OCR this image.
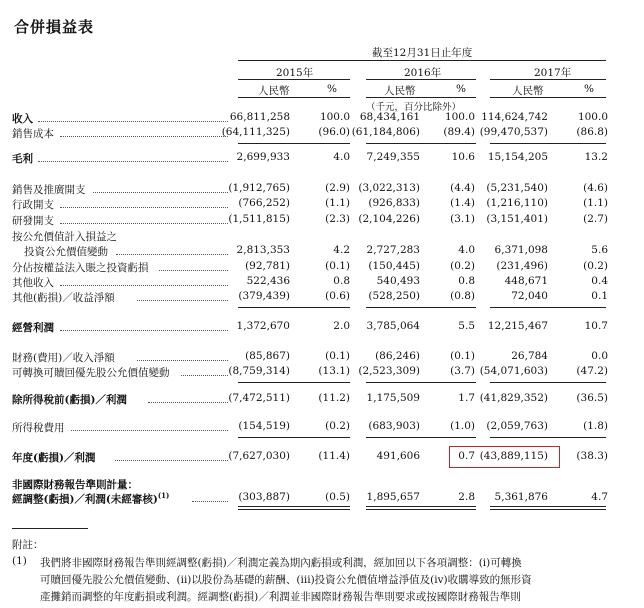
合併損益表
截至12月31日止年度
2015年	2016年	2017年
人民幣	%	人民幣	%	人民幣	%
（千元，百分比除外）
收入	66,811,258	100.0 68,434,161	100.0 114,624,742	100.0
銷售成本	(64,111,325)	(96.0) (61,184,806)	(89.4) (99,470,537)	(86.8)
毛利	2,699,933	4.0	7,249,355	10.6	15,154,205	13.2
銷售及推廣開支	(1,912,765)	(2.9) (3,022,313)	(4.4)	(5,231,540)	(4.6)
行政開支	(766,252)	(1.1)	(926,833)	(1.4)	(1,216,110)	(1.1)
研發開支	(1,511,815)	(2.3) (2,104,226)	(3.1)	(3,151,401)	(2.7)
按公允價值計入損益之
投資公允價值變動	2,813,353	4.2	2,727,283	4.0	6,371,098	5.6
分佔按權益法入賬之投資虧損	(92,781)	(0.1)	(150,445)	(0.2)	(231,496)	(0.2)
其他收入	522,436	0.8	540,493	0.8	448,671	0.4
其他(虧損)／收益淨額	(379,439)	(0.6)	(528,250)	(0.8)	72,040	0.1
經營利潤	1,372,670	2.0	3,785,064	5.5	12,215,467	10.7
財務(費用)／收入淨額	(85,867)	(0.1)	(86,246)	(0.1)	26,784	0.0
可轉換可贖回優先股公允價值變動	(8,759,314)	(13.1) (2,523,309)	(3.7) (54,071,603)	(47.2)
除所得稅前(虧損)／利潤	(7,472,511)	(11.2)	1,175,509	1.7 (41,829,352)	(36.5)
所得稅費用	(154,519)	(0.2)	(683,903)	(1.0)	(2,059,763)	(1.8)
年度(虧損)／利潤	(7,627,030)	(11.4)	491,606	0.7 (43,889,115)	(38.3)
非國際財務報告準則計量：
經調整(虧損)／利潤(未經審核)$^{(1)}$	(303,887)	(0.5)	1,895,657	2.8	5,361,876	4.7
附註：
(1) 我們將非國際財務報告準則經調整(虧損)／利潤定義為期內虧損或利潤，經加回以下各項調整：(i)可轉換
可贖回優先股公允價值變動、(ii)以股份為基礎的薪酬、(iii)投資公允價值增益淨值及(iv)收購導致的無形資
產攤銷而調整的年度虧損或利潤。經調整(虧損)／利潤並非國際財務報告準則要求或按國際財務報告準則
